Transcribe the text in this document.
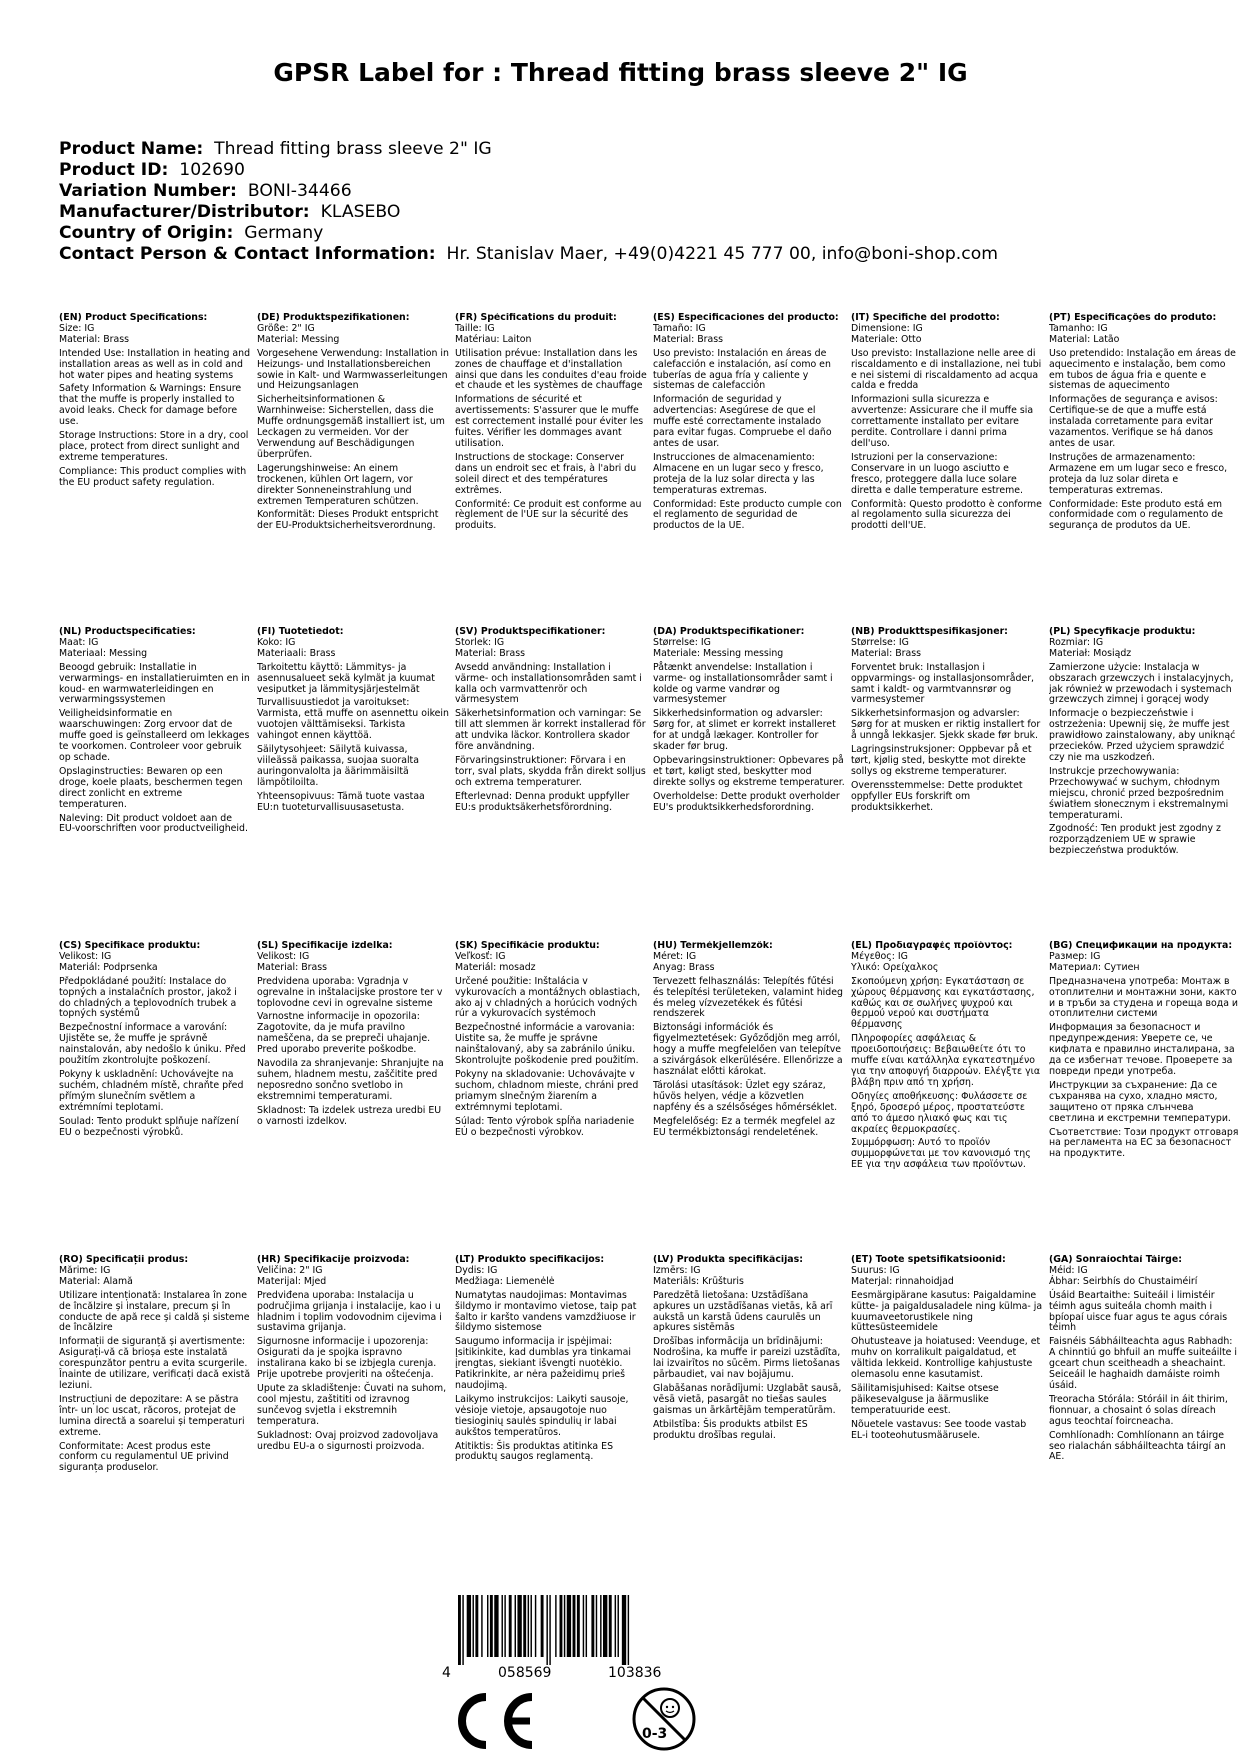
GPSR Label for : Thread fitting brass sleeve 2" IG
Product Name: Thread fitting brass sleeve 2" IG
Product ID: 102690
Variation Number: BONI-34466
Manufacturer/Distributor: KLASEBO
Country of Origin: Germany
Contact Person & Contact Information: Hr. Stanislav Maer, +49(0)4221 45 777 00, info@boni-shop.com
(EN) Product Specifications:

Size: IG

Material: Brass

Intended Use: Installation in heating and installation areas as well as in cold and hot water pipes and heating systems

Safety Information & Warnings: Ensure that the muffe is properly installed to avoid leaks. Check for damage before use.

Storage Instructions: Store in a dry, cool place, protect from direct sunlight and extreme temperatures.

Compliance: This product complies with the EU product safety regulation.

(DE) Produktspezifikationen:

Größe: 2" IG

Material: Messing

Vorgesehene Verwendung: Installation in Heizungs- und Installationsbereichen sowie in Kalt- und Warmwasserleitungen und Heizungsanlagen

Sicherheitsinformationen & Warnhinweise: Sicherstellen, dass die Muffe ordnungsgemäß installiert ist, um Leckagen zu vermeiden. Vor der Verwendung auf Beschädigungen überprüfen.

Lagerungshinweise: An einem trockenen, kühlen Ort lagern, vor direkter Sonneneinstrahlung und extremen Temperaturen schützen.

Konformität: Dieses Produkt entspricht der EU-Produktsicherheitsverordnung.

(FR) Spécifications du produit:

Taille: IG

Matériau: Laiton

Utilisation prévue: Installation dans les zones de chauffage et d'installation ainsi que dans les conduites d'eau froide et chaude et les systèmes de chauffage

Informations de sécurité et avertissements: S'assurer que le muffe est correctement installé pour éviter les fuites. Vérifier les dommages avant utilisation.

Instructions de stockage: Conserver dans un endroit sec et frais, à l'abri du soleil direct et des températures extrêmes.

Conformité: Ce produit est conforme au règlement de l'UE sur la sécurité des produits.

(ES) Especificaciones del producto:

Tamaño: IG

Material: Brass

Uso previsto: Instalación en áreas de calefacción e instalación, así como en tuberías de agua fría y caliente y sistemas de calefacción

Información de seguridad y advertencias: Asegúrese de que el muffe esté correctamente instalado para evitar fugas. Compruebe el daño antes de usar.

Instrucciones de almacenamiento: Almacene en un lugar seco y fresco, proteja de la luz solar directa y las temperaturas extremas.

Conformidad: Este producto cumple con el reglamento de seguridad de productos de la UE.

(IT) Specifiche del prodotto:

Dimensione: IG

Materiale: Otto

Uso previsto: Installazione nelle aree di riscaldamento e di installazione, nei tubi e nei sistemi di riscaldamento ad acqua calda e fredda

Informazioni sulla sicurezza e avvertenze: Assicurare che il muffe sia correttamente installato per evitare perdite. Controllare i danni prima dell'uso.

Istruzioni per la conservazione: Conservare in un luogo asciutto e fresco, proteggere dalla luce solare diretta e dalle temperature estreme.

Conformità: Questo prodotto è conforme al regolamento sulla sicurezza dei prodotti dell'UE.

(PT) Especificações do produto:

Tamanho: IG

Material: Latão

Uso pretendido: Instalação em áreas de aquecimento e instalação, bem como em tubos de água fria e quente e sistemas de aquecimento

Informações de segurança e avisos: Certifique-se de que a muffe está instalada corretamente para evitar vazamentos. Verifique se há danos antes de usar.

Instruções de armazenamento: Armazene em um lugar seco e fresco, proteja da luz solar direta e temperaturas extremas.

Conformidade: Este produto está em conformidade com o regulamento de segurança de produtos da UE.

(NL) Productspecificaties:

Maat: IG

Materiaal: Messing

Beoogd gebruik: Installatie in verwarmings- en installatieruimten en in koud- en warmwaterleidingen en verwarmingssystemen

Veiligheidsinformatie en waarschuwingen: Zorg ervoor dat de muffe goed is geïnstalleerd om lekkages te voorkomen. Controleer voor gebruik op schade.

Opslaginstructies: Bewaren op een droge, koele plaats, beschermen tegen direct zonlicht en extreme temperaturen.

Naleving: Dit product voldoet aan de EU-voorschriften voor productveiligheid.

(FI) Tuotetiedot:

Koko: IG

Materiaali: Brass

Tarkoitettu käyttö: Lämmitys- ja asennusalueet sekä kylmät ja kuumat vesiputket ja lämmitysjärjestelmät

Turvallisuustiedot ja varoitukset: Varmista, että muffe on asennettu oikein vuotojen välttämiseksi. Tarkista vahingot ennen käyttöä.

Säilytysohjeet: Säilytä kuivassa, viileässä paikassa, suojaa suoralta auringonvalolta ja äärimmäisiltä lämpötiloilta.

Yhteensopivuus: Tämä tuote vastaa EU:n tuoteturvallisuusasetusta.

(SV) Produktspecifikationer:

Storlek: IG

Material: Brass

Avsedd användning: Installation i värme- och installationsområden samt i kalla och varmvattenrör och värmesystem

Säkerhetsinformation och varningar: Se till att slemmen är korrekt installerad för att undvika läckor. Kontrollera skador före användning.

Förvaringsinstruktioner: Förvara i en torr, sval plats, skydda från direkt solljus och extrema temperaturer.

Efterlevnad: Denna produkt uppfyller EU:s produktsäkerhetsförordning.

(DA) Produktspecifikationer:

Størrelse: IG

Materiale: Messing messing

Påtænkt anvendelse: Installation i varme- og installationsområder samt i kolde og varme vandrør og varmesystemer

Sikkerhedsinformation og advarsler: Sørg for, at slimet er korrekt installeret for at undgå lækager. Kontroller for skader før brug.

Opbevaringsinstruktioner: Opbevares på et tørt, køligt sted, beskytter mod direkte sollys og ekstreme temperaturer.

Overholdelse: Dette produkt overholder EU's produktsikkerhedsforordning.

(NB) Produkttspesifikasjoner:

Størrelse: IG

Material: Brass

Forventet bruk: Installasjon i oppvarmings- og installasjonsområder, samt i kaldt- og varmtvannsrør og varmesystemer

Sikkerhetsinformasjon og advarsler: Sørg for at musken er riktig installert for å unngå lekkasjer. Sjekk skade før bruk.

Lagringsinstruksjoner: Oppbevar på et tørt, kjølig sted, beskytte mot direkte sollys og ekstreme temperaturer.

Overensstemmelse: Dette produktet oppfyller EUs forskrift om produktsikkerhet.

(PL) Specyfikacje produktu:

Rozmiar: IG

Materiał: Mosiądz

Zamierzone użycie: Instalacja w obszarach grzewczych i instalacyjnych, jak również w przewodach i systemach grzewczych zimnej i gorącej wody

Informacje o bezpieczeństwie i ostrzeżenia: Upewnij się, że muffe jest prawidłowo zainstalowany, aby uniknąć przecieków. Przed użyciem sprawdzić czy nie ma uszkodzeń.

Instrukcje przechowywania: Przechowywać w suchym, chłodnym miejscu, chronić przed bezpośrednim światłem słonecznym i ekstremalnymi temperaturami.

Zgodność: Ten produkt jest zgodny z rozporządzeniem UE w sprawie bezpieczeństwa produktów.

(CS) Specifikace produktu:

Velikost: IG

Materiál: Podprsenka

Předpokládané použití: Instalace do topných a instalačních prostor, jakož i do chladných a teplovodních trubek a topných systémů

Bezpečnostní informace a varování: Ujistěte se, že muffe je správně nainstalován, aby nedošlo k úniku. Před použitím zkontrolujte poškození.

Pokyny k uskladnění: Uchovávejte na suchém, chladném místě, chraňte před přímým slunečním světlem a extrémními teplotami.

Soulad: Tento produkt splňuje nařízení EU o bezpečnosti výrobků.

(SL) Specifikacije izdelka:

Velikost: IG

Material: Brass

Predvidena uporaba: Vgradnja v ogrevalne in inštalacijske prostore ter v toplovodne cevi in ogrevalne sisteme

Varnostne informacije in opozorila: Zagotovite, da je mufa pravilno nameščena, da se prepreči uhajanje. Pred uporabo preverite poškodbe.

Navodila za shranjevanje: Shranjujte na suhem, hladnem mestu, zaščitite pred neposredno sončno svetlobo in ekstremnimi temperaturami.

Skladnost: Ta izdelek ustreza uredbi EU o varnosti izdelkov.

(SK) Špecifikácie produktu:

Veľkosť: IG

Materiál: mosadz

Určené použitie: Inštalácia v vykurovacích a montážnych oblastiach, ako aj v chladných a horúcich vodných rúr a vykurovacích systémoch

Bezpečnostné informácie a varovania: Uistite sa, že muffe je správne nainštalovaný, aby sa zabránilo úniku. Skontrolujte poškodenie pred použitím.

Pokyny na skladovanie: Uchovávajte v suchom, chladnom mieste, chráni pred priamym slnečným žiarením a extrémnymi teplotami.

Súlad: Tento výrobok spĺňa nariadenie EÚ o bezpečnosti výrobkov.

(HU) Termékjellemzők:

Méret: IG

Anyag: Brass

Tervezett felhasználás: Telepítés fűtési és telepítési területeken, valamint hideg és meleg vízvezetékek és fűtési rendszerek

Biztonsági információk és figyelmeztetések: Győződjön meg arról, hogy a muffe megfelelően van telepítve a szivárgások elkerülésére. Ellenőrizze a használat előtti károkat.

Tárolási utasítások: Üzlet egy száraz, hűvös helyen, védje a közvetlen napfény és a szélsőséges hőmérséklet.

Megfelelőség: Ez a termék megfelel az EU termékbiztonsági rendeletének.

(EL) Προδιαγραφές προϊόντος:

Μέγεθος: IG

Υλικό: Ορείχαλκος

Σκοπούμενη χρήση: Εγκατάσταση σε χώρους θέρμανσης και εγκατάστασης, καθώς και σε σωλήνες ψυχρού και θερμού νερού και συστήματα θέρμανσης

Πληροφορίες ασφάλειας & προειδοποιήσεις: Βεβαιωθείτε ότι το muffe είναι κατάλληλα εγκατεστημένο για την αποφυγή διαρροών. Ελέγξτε για βλάβη πριν από τη χρήση.

Οδηγίες αποθήκευσης: Φυλάσσετε σε ξηρό, δροσερό μέρος, προστατεύστε από το άμεσο ηλιακό φως και τις ακραίες θερμοκρασίες.

Συμμόρφωση: Αυτό το προϊόν συμμορφώνεται με τον κανονισμό της ΕΕ για την ασφάλεια των προϊόντων.

(BG) Спецификации на продукта:

Размер: IG

Материал: Сутиен

Предназначена употреба: Монтаж в отоплителни и монтажни зони, както и в тръби за студена и гореща вода и отоплителни системи

Информация за безопасност и предупреждения: Уверете се, че кифлата е правилно инсталирана, за да се избегнат течове. Проверете за повреди преди употреба.

Инструкции за съхранение: Да се съхранява на сухо, хладно място, защитено от пряка слънчева светлина и екстремни температури.

Съответствие: Този продукт отговаря на регламента на ЕС за безопасност на продуктите.

(RO) Specificații produs:

Mărime: IG

Material: Alamă

Utilizare intenționată: Instalarea în zone de încălzire și instalare, precum și în conducte de apă rece și caldă și sisteme de încălzire

Informații de siguranță și avertismente: Asigurați-vă că brioșa este instalată corespunzător pentru a evita scurgerile. Înainte de utilizare, verificați dacă există leziuni.

Instrucțiuni de depozitare: A se păstra într- un loc uscat, răcoros, protejat de lumina directă a soarelui și temperaturi extreme.

Conformitate: Acest produs este conform cu regulamentul UE privind siguranța produselor.

(HR) Specifikacije proizvoda:

Veličina: 2" IG

Materijal: Mjed

Predviđena uporaba: Instalacija u područjima grijanja i instalacije, kao i u hladnim i toplim vodovodnim cijevima i sustavima grijanja.

Sigurnosne informacije i upozorenja: Osigurati da je spojka ispravno instalirana kako bi se izbjegla curenja. Prije upotrebe provjeriti na oštećenja.

Upute za skladištenje: Čuvati na suhom, cool mjestu, zaštititi od izravnog sunčevog svjetla i ekstremnih temperatura.

Sukladnost: Ovaj proizvod zadovoljava uredbu EU-a o sigurnosti proizvoda.

(LT) Produkto specifikacijos:

Dydis: IG

Medžiaga: Liemenėlė

Numatytas naudojimas: Montavimas šildymo ir montavimo vietose, taip pat šalto ir karšto vandens vamzdžiuose ir šildymo sistemose

Saugumo informacija ir įspėjimai: Įsitikinkite, kad dumblas yra tinkamai įrengtas, siekiant išvengti nuotėkio. Patikrinkite, ar nėra pažeidimų prieš naudojimą.

Laikymo instrukcijos: Laikyti sausoje, vėsioje vietoje, apsaugotoje nuo tiesioginių saulės spindulių ir labai aukštos temperatūros.

Atitiktis: Šis produktas atitinka ES produktų saugos reglamentą.

(LV) Produkta specifikācijas:

Izmērs: IG

Materiāls: Krūšturis

Paredzētā lietošana: Uzstādīšana apkures un uzstādīšanas vietās, kā arī aukstā un karstā ūdens caurulēs un apkures sistēmās

Drošības informācija un brīdinājumi: Nodrošina, ka muffe ir pareizi uzstādīta, lai izvairītos no sūcēm. Pirms lietošanas pārbaudiet, vai nav bojājumu.

Glabāšanas norādījumi: Uzglabāt sausā, vēsā vietā, pasargāt no tiešas saules gaismas un ārkārtējām temperatūrām.

Atbilstība: Šis produkts atbilst ES produktu drošības regulai.

(ET) Toote spetsifikatsioonid:

Suurus: IG

Materjal: rinnahoidjad

Eesmärgipärane kasutus: Paigaldamine kütte- ja paigaldusaladele ning külma- ja kuumaveetorustikele ning küttesüsteemidele

Ohutusteave ja hoiatused: Veenduge, et muhv on korralikult paigaldatud, et vältida lekkeid. Kontrollige kahjustuste olemasolu enne kasutamist.

Säilitamisjuhised: Kaitse otsese päikesevalguse ja äärmuslike temperatuuride eest.

Nõuetele vastavus: See toode vastab EL-i tooteohutusmäärusele.

(GA) Sonraíochtaí Táirge:

Méid: IG

Ábhar: Seirbhís do Chustaiméirí

Úsáid Beartaithe: Suiteáil i limistéir téimh agus suiteála chomh maith i bpíopaí uisce fuar agus te agus córais téimh

Faisnéis Sábháilteachta agus Rabhadh: A chinntiú go bhfuil an muffe suiteáilte i gceart chun sceitheadh a sheachaint. Seiceáil le haghaidh damáiste roimh úsáid.

Treoracha Stórála: Stóráil in áit thirim, fionnuar, a chosaint ó solas díreach agus teochtaí foircneacha.

Comhlíonadh: Comhlíonann an táirge seo rialachán sábháilteachta táirgí an AE.

4	058569	103836
0-3
